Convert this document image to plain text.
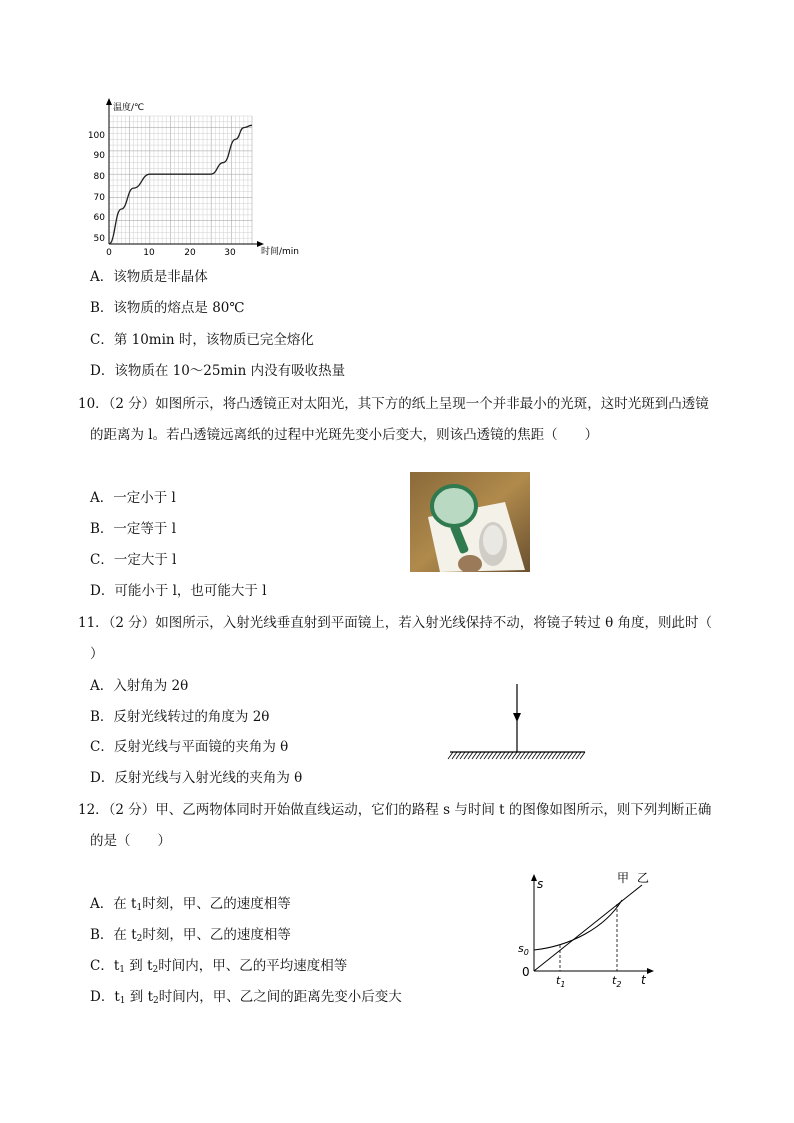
温度/℃
时间/min
50
60
70
80
90
100
0	10	20	30
A．该物质是非晶体
B．该物质的熔点是 80℃
C．第 10min 时，该物质已完全熔化
D．该物质在 10～25min 内没有吸收热量
10．（2 分）如图所示，将凸透镜正对太阳光，其下方的纸上呈现一个并非最小的光斑，这时光斑到凸透镜
的距离为 l。若凸透镜远离纸的过程中光斑先变小后变大，则该凸透镜的焦距（　　）
A．一定小于 l
B．一定等于 l
C．一定大于 l
D．可能小于 l，也可能大于 l
11．（2 分）如图所示，入射光线垂直射到平面镜上，若入射光线保持不动，将镜子转过 θ 角度，则此时（
）
A．入射角为 2θ
B．反射光线转过的角度为 2θ
C．反射光线与平面镜的夹角为 θ
D．反射光线与入射光线的夹角为 θ
12．（2 分）甲、乙两物体同时开始做直线运动，它们的路程 s 与时间 t 的图像如图所示，则下列判断正确
的是（　　）
s
t
0
$s_0$
$t_1$	$t_2$
甲 乙
A．在 $t_1$时刻，甲、乙的速度相等
B．在 $t_2$时刻，甲、乙的速度相等
C．$t_1$ 到 $t_2$时间内，甲、乙的平均速度相等
D．$t_1$ 到 $t_2$时间内，甲、乙之间的距离先变小后变大
